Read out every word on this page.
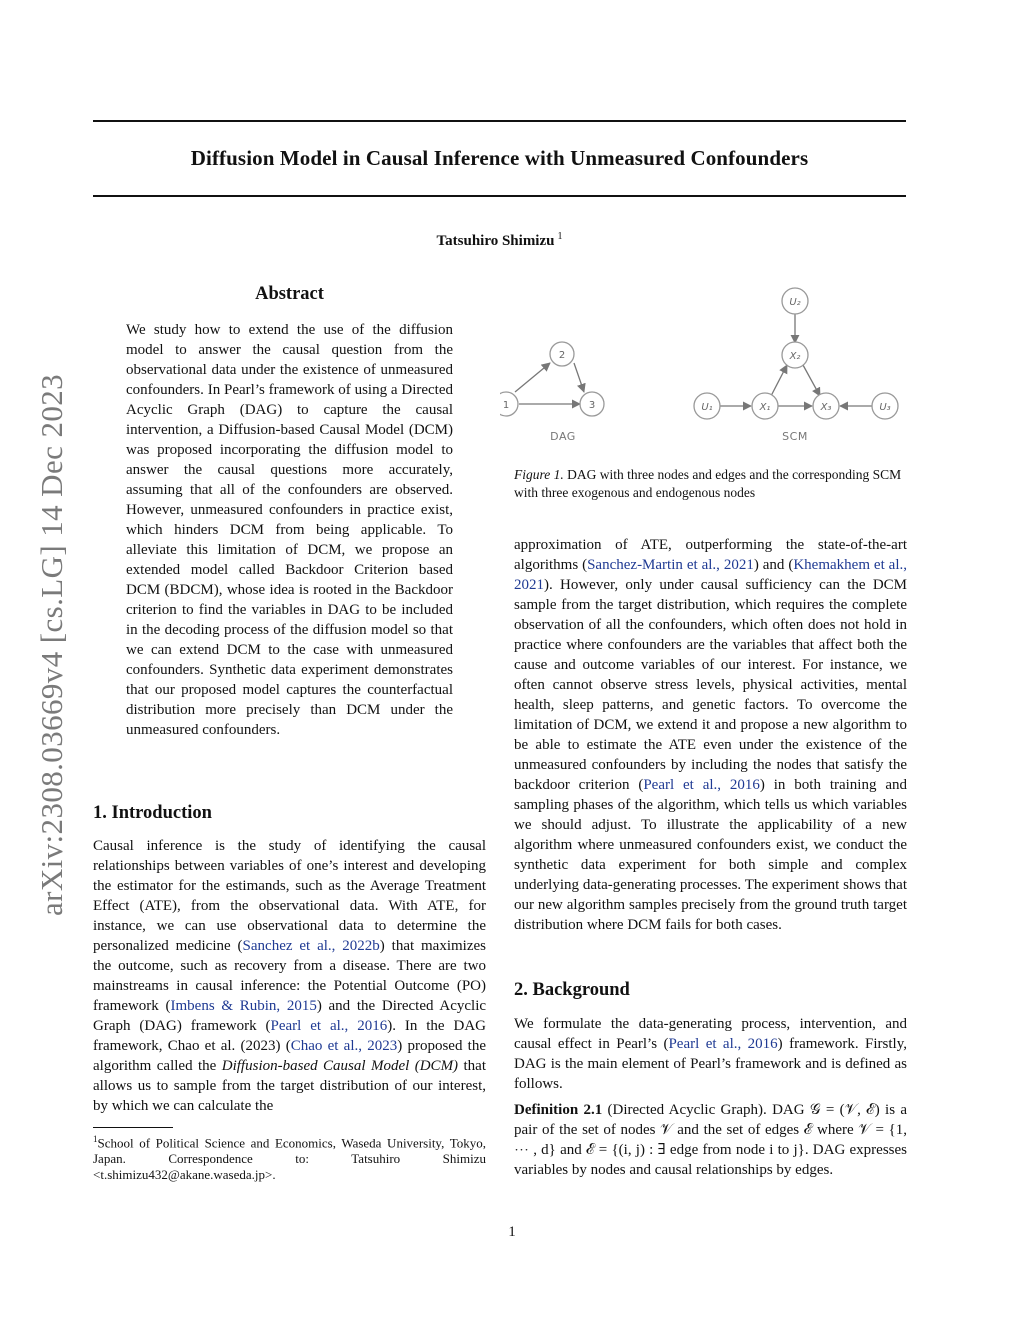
Diffusion Model in Causal Inference with Unmeasured Confounders
Tatsuhiro Shimizu $^1$
arXiv:2308.03669v4 [cs.LG] 14 Dec 2023
Abstract

We study how to extend the use of the diffusion model to answer the causal question from the observational data under the existence of unmeasured confounders. In Pearl’s framework of using a Directed Acyclic Graph (DAG) to capture the causal intervention, a Diffusion-based Causal Model (DCM) was proposed incorporating the diffusion model to answer the causal questions more accurately, assuming that all of the confounders are observed. However, unmeasured confounders in practice exist, which hinders DCM from being applicable. To alleviate this limitation of DCM, we propose an extended model called Backdoor Criterion based DCM (BDCM), whose idea is rooted in the Backdoor criterion to find the variables in DAG to be included in the decoding process of the diffusion model so that we can extend DCM to the case with unmeasured confounders. Synthetic data experiment demonstrates that our proposed model captures the counterfactual distribution more precisely than DCM under the unmeasured confounders.

1
2
3
DAG
U₂
X₂
U₁	X₁	X₃	U₃
SCM
Figure 1. DAG with three nodes and edges and the corresponding SCM with three exogenous and endogenous nodes
1. Introduction

Causal inference is the study of identifying the causal relationships between variables of one’s interest and developing the estimator for the estimands, such as the Average Treatment Effect (ATE), from the observational data. With ATE, for instance, we can use observational data to determine the personalized medicine (Sanchez et al., 2022b) that maximizes the outcome, such as recovery from a disease. There are two mainstreams in causal inference: the Potential Outcome (PO) framework (Imbens & Rubin, 2015) and the Directed Acyclic Graph (DAG) framework (Pearl et al., 2016). In the DAG framework, Chao et al. (2023) (Chao et al., 2023) proposed the algorithm called the Diffusion-based Causal Model (DCM) that allows us to sample from the target distribution of our interest, by which we can calculate the

approximation of ATE, outperforming the state-of-the-art algorithms (Sanchez-Martin et al., 2021) and (Khemakhem et al., 2021). However, only under causal sufficiency can the DCM sample from the target distribution, which requires the complete observation of all the confounders, which often does not hold in practice where confounders are the variables that affect both the cause and outcome variables of our interest. For instance, we often cannot observe stress levels, physical activities, mental health, sleep patterns, and genetic factors. To overcome the limitation of DCM, we extend it and propose a new algorithm to be able to estimate the ATE even under the existence of the unmeasured confounders by including the nodes that satisfy the backdoor criterion (Pearl et al., 2016) in both training and sampling phases of the algorithm, which tells us which variables we should adjust. To illustrate the applicability of a new algorithm where unmeasured confounders exist, we conduct the synthetic data experiment for both simple and complex underlying data-generating processes. The experiment shows that our new algorithm samples precisely from the ground truth target distribution where DCM fails for both cases.

2. Background

We formulate the data-generating process, intervention, and causal effect in Pearl’s (Pearl et al., 2016) framework. Firstly, DAG is the main element of Pearl’s framework and is defined as follows.

Definition 2.1 (Directed Acyclic Graph). DAG 𝒢 = (𝒱, ℰ) is a pair of the set of nodes 𝒱 and the set of edges ℰ where 𝒱 = {1, ⋯ , d} and ℰ = {(i, j) : ∃ edge from node i to j}. DAG expresses variables by nodes and causal relationships by edges.

$^1$School of Political Science and Economics, Waseda University, Tokyo, Japan. Correspondence to: Tatsuhiro Shimizu <t.shimizu432@akane.waseda.jp>.
1
